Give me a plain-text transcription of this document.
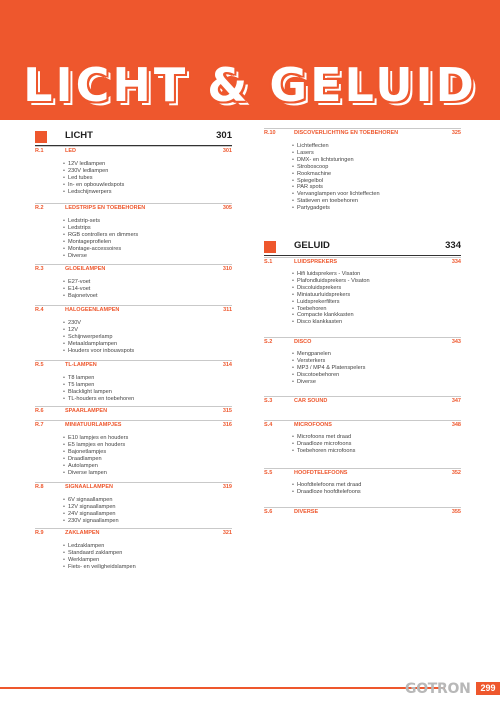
LICHT & GELUID
LICHT	301
R.1	LED	301
• 12V ledlampen
• 230V ledlampen
• Led tubes
• In- en opbouwledspots
• Ledschijnwerpers
R.2	LEDSTRIPS EN TOEBEHOREN	305
• Ledstrip-sets
• Ledstrips
• RGB controllers en dimmers
• Montageprofielen
• Montage-accessoires
• Diverse
R.3	GLOEILAMPEN	310
• E27-voet
• E14-voet
• Bajonetvoet
R.4	HALOGEENLAMPEN	311
• 230V
• 12V
• Schijnwerperlamp
• Metaaldamplampen
• Houders voor inbouwspots
R.5	TL-LAMPEN	314
• T8 lampen
• T5 lampen
• Blacklight lampen
• TL-houders en toebehoren
R.6	SPAARLAMPEN	315
R.7	MINIATUURLAMPJES	316
• E10 lampjes en houders
• E5 lampjes en houders
• Bajonetlampjes
• Draadlampen
• Autolampen
• Diverse lampen
R.8	SIGNAALLAMPEN	319
• 6V signaallampen
• 12V signaallampen
• 24V signaallampen
• 230V signaallampen
R.9	ZAKLAMPEN	321
• Ledzaklampen
• Standaard zaklampen
• Werklampen
• Fiets- en veiligheidslampen
R.10	DISCOVERLICHTING EN TOEBEHOREN	325
• Lichteffecten
• Lasers
• DMX- en lichtsturingen
• Stroboscoop
• Rookmachine
• Spiegelbol
• PAR spots
• Vervanglampen voor lichteffecten
• Statieven en toebehoren
• Partygadgets
GELUID	334
S.1	LUIDSPREKERS	334
• Hifi luidsprekers - Visaton
• Plafondluidsprekers - Visaton
• Discoluidsprekers
• Miniatuurluidsprekers
• Luidsprekerfilters
• Toebehoren
• Compacte klankkasten
• Disco klankkasten
S.2	DISCO	343
• Mengpanelen
• Versterkers
• MP3 / MP4 & Platenspelers
• Discotoebehoren
• Diverse
S.3	CAR SOUND	347
S.4	MICROFOONS	348
• Microfoons met draad
• Draadloze microfoons
• Toebehoren microfoons
S.5	HOOFDTELEFOONS	352
• Hoofdtelefoons met draad
• Draadloze hoofdtelefoons
S.6	DIVERSE	355
GOTRON	299
